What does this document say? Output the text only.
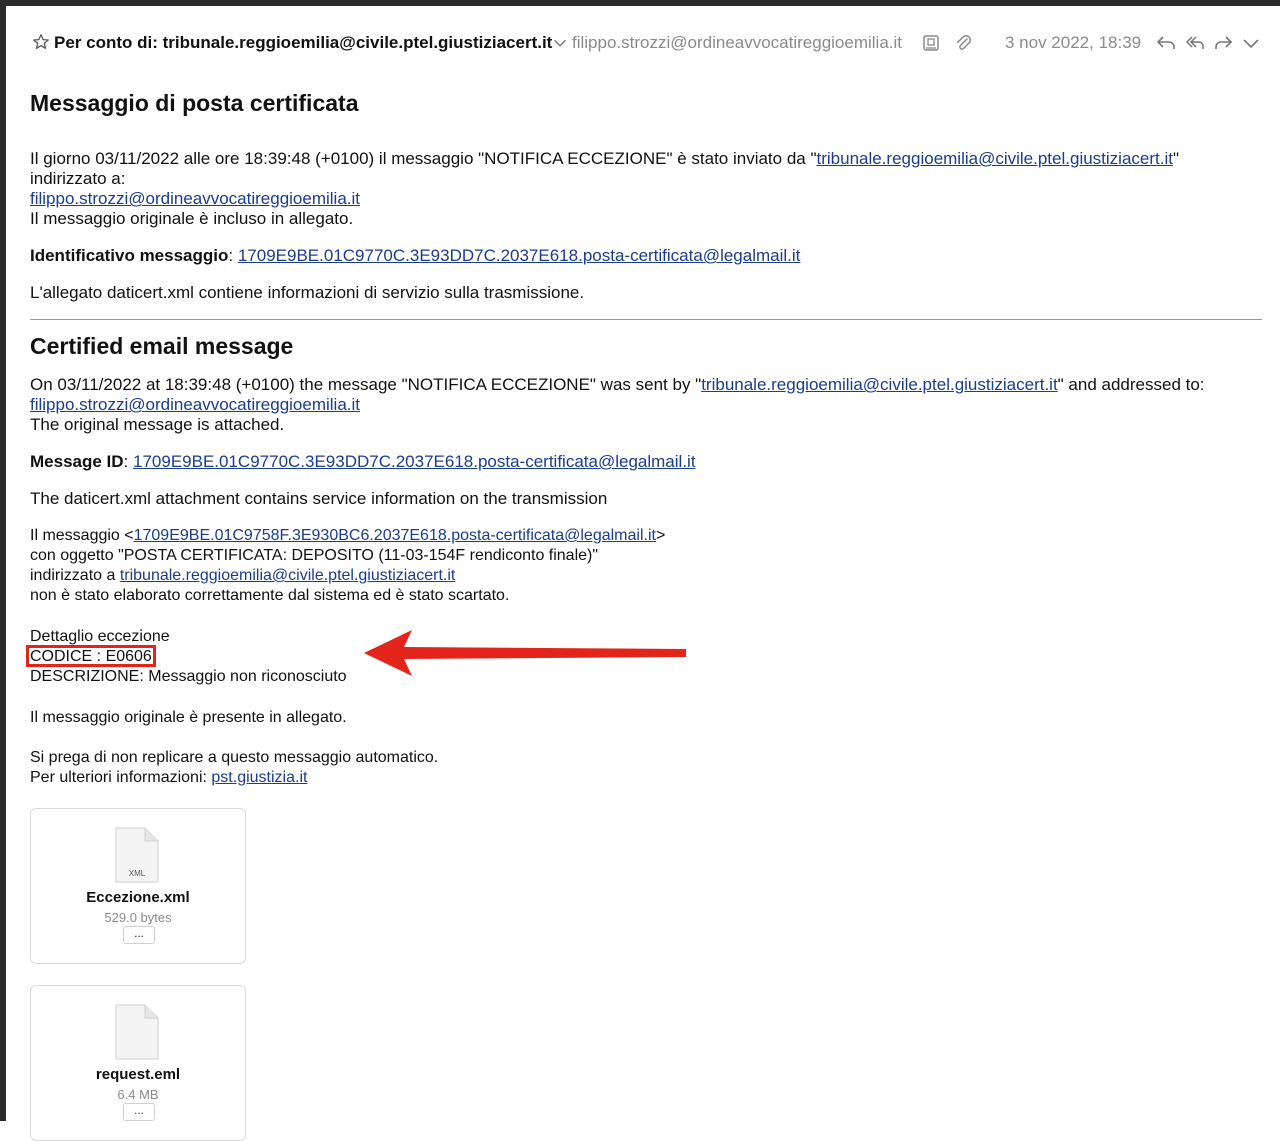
Per conto di: tribunale.reggioemilia@civile.ptel.giustiziacert.it filippo.strozzi@ordineavvocatireggioemilia.it	3 nov 2022, 18:39
Messaggio di posta certificata
Il giorno 03/11/2022 alle ore 18:39:48 (+0100) il messaggio "NOTIFICA ECCEZIONE" è stato inviato da "tribunale.reggioemilia@civile.ptel.giustiziacert.it"
indirizzato a:
filippo.strozzi@ordineavvocatireggioemilia.it
Il messaggio originale è incluso in allegato.
Identificativo messaggio: 1709E9BE.01C9770C.3E93DD7C.2037E618.posta-certificata@legalmail.it
L'allegato daticert.xml contiene informazioni di servizio sulla trasmissione.
Certified email message
On 03/11/2022 at 18:39:48 (+0100) the message "NOTIFICA ECCEZIONE" was sent by "tribunale.reggioemilia@civile.ptel.giustiziacert.it" and addressed to:
filippo.strozzi@ordineavvocatireggioemilia.it
The original message is attached.
Message ID: 1709E9BE.01C9770C.3E93DD7C.2037E618.posta-certificata@legalmail.it
The daticert.xml attachment contains service information on the transmission
Il messaggio <1709E9BE.01C9758F.3E930BC6.2037E618.posta-certificata@legalmail.it>
con oggetto "POSTA CERTIFICATA: DEPOSITO (11-03-154F rendiconto finale)"
indirizzato a tribunale.reggioemilia@civile.ptel.giustiziacert.it
non è stato elaborato correttamente dal sistema ed è stato scartato.
Dettaglio eccezione
CODICE : E0606
DESCRIZIONE: Messaggio non riconosciuto
Il messaggio originale è presente in allegato.
Si prega di non replicare a questo messaggio automatico.
Per ulteriori informazioni: pst.giustizia.it
XML
Eccezione.xml
529.0 bytes
...
request.eml
6.4 MB
...
